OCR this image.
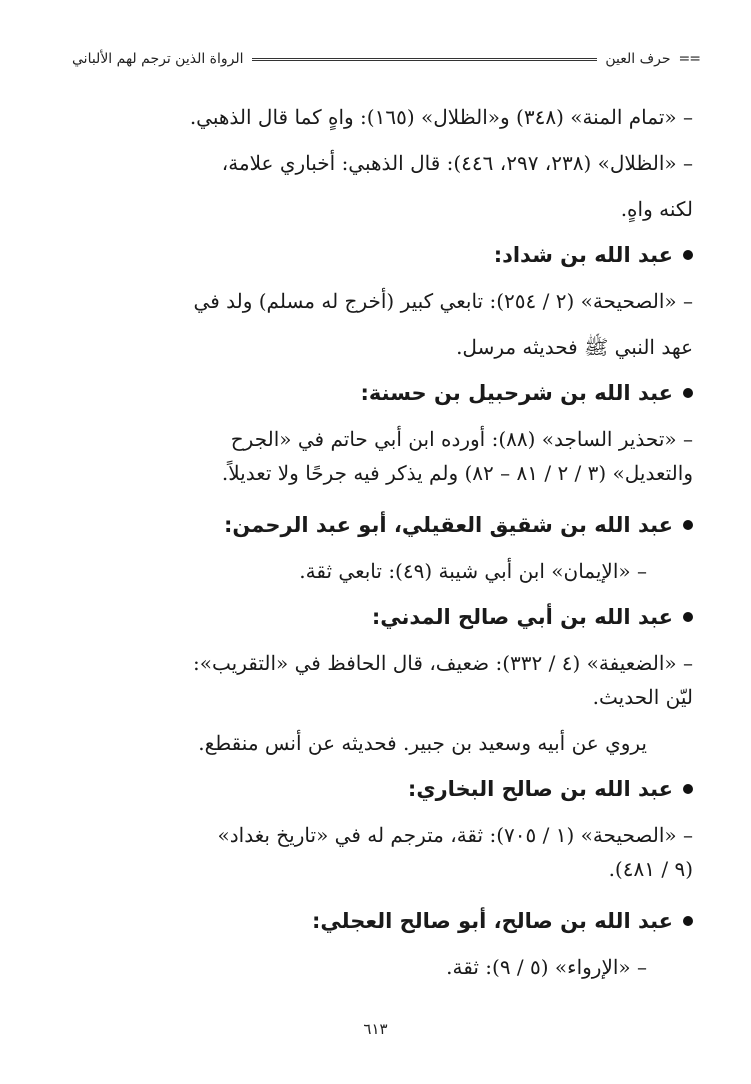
==
حرف العين
الرواة الذين ترجم لهم الألباني

– «تمام المنة» (٣٤٨) و«الظلال» (١٦٥): واهٍ كما قال الذهبي.

– «الظلال» (٢٣٨، ٢٩٧، ٤٤٦): قال الذهبي: أخباري علامة،

لكنه واهٍ.

عبد الله بن شداد:

– «الصحيحة» (٢ / ٢٥٤): تابعي كبير (أخرج له مسلم) ولد في

عهد النبي ﷺ فحديثه مرسل.

عبد الله بن شرحبيل بن حسنة:

– «تحذير الساجد» (٨٨): أورده ابن أبي حاتم في «الجرح

والتعديل» (٣ / ٢ / ٨١ – ٨٢) ولم يذكر فيه جرحًا ولا تعديلاً.

عبد الله بن شقيق العقيلي، أبو عبد الرحمن:

– «الإيمان» ابن أبي شيبة (٤٩): تابعي ثقة.

عبد الله بن أبي صالح المدني:

– «الضعيفة» (٤ / ٣٣٢): ضعيف، قال الحافظ في «التقريب»:

ليّن الحديث.

يروي عن أبيه وسعيد بن جبير. فحديثه عن أنس منقطع.

عبد الله بن صالح البخاري:

– «الصحيحة» (١ / ٧٠٥): ثقة، مترجم له في «تاريخ بغداد»

(٩ / ٤٨١).

عبد الله بن صالح، أبو صالح العجلي:

– «الإرواء» (٥ / ٩): ثقة.

٦١٣
